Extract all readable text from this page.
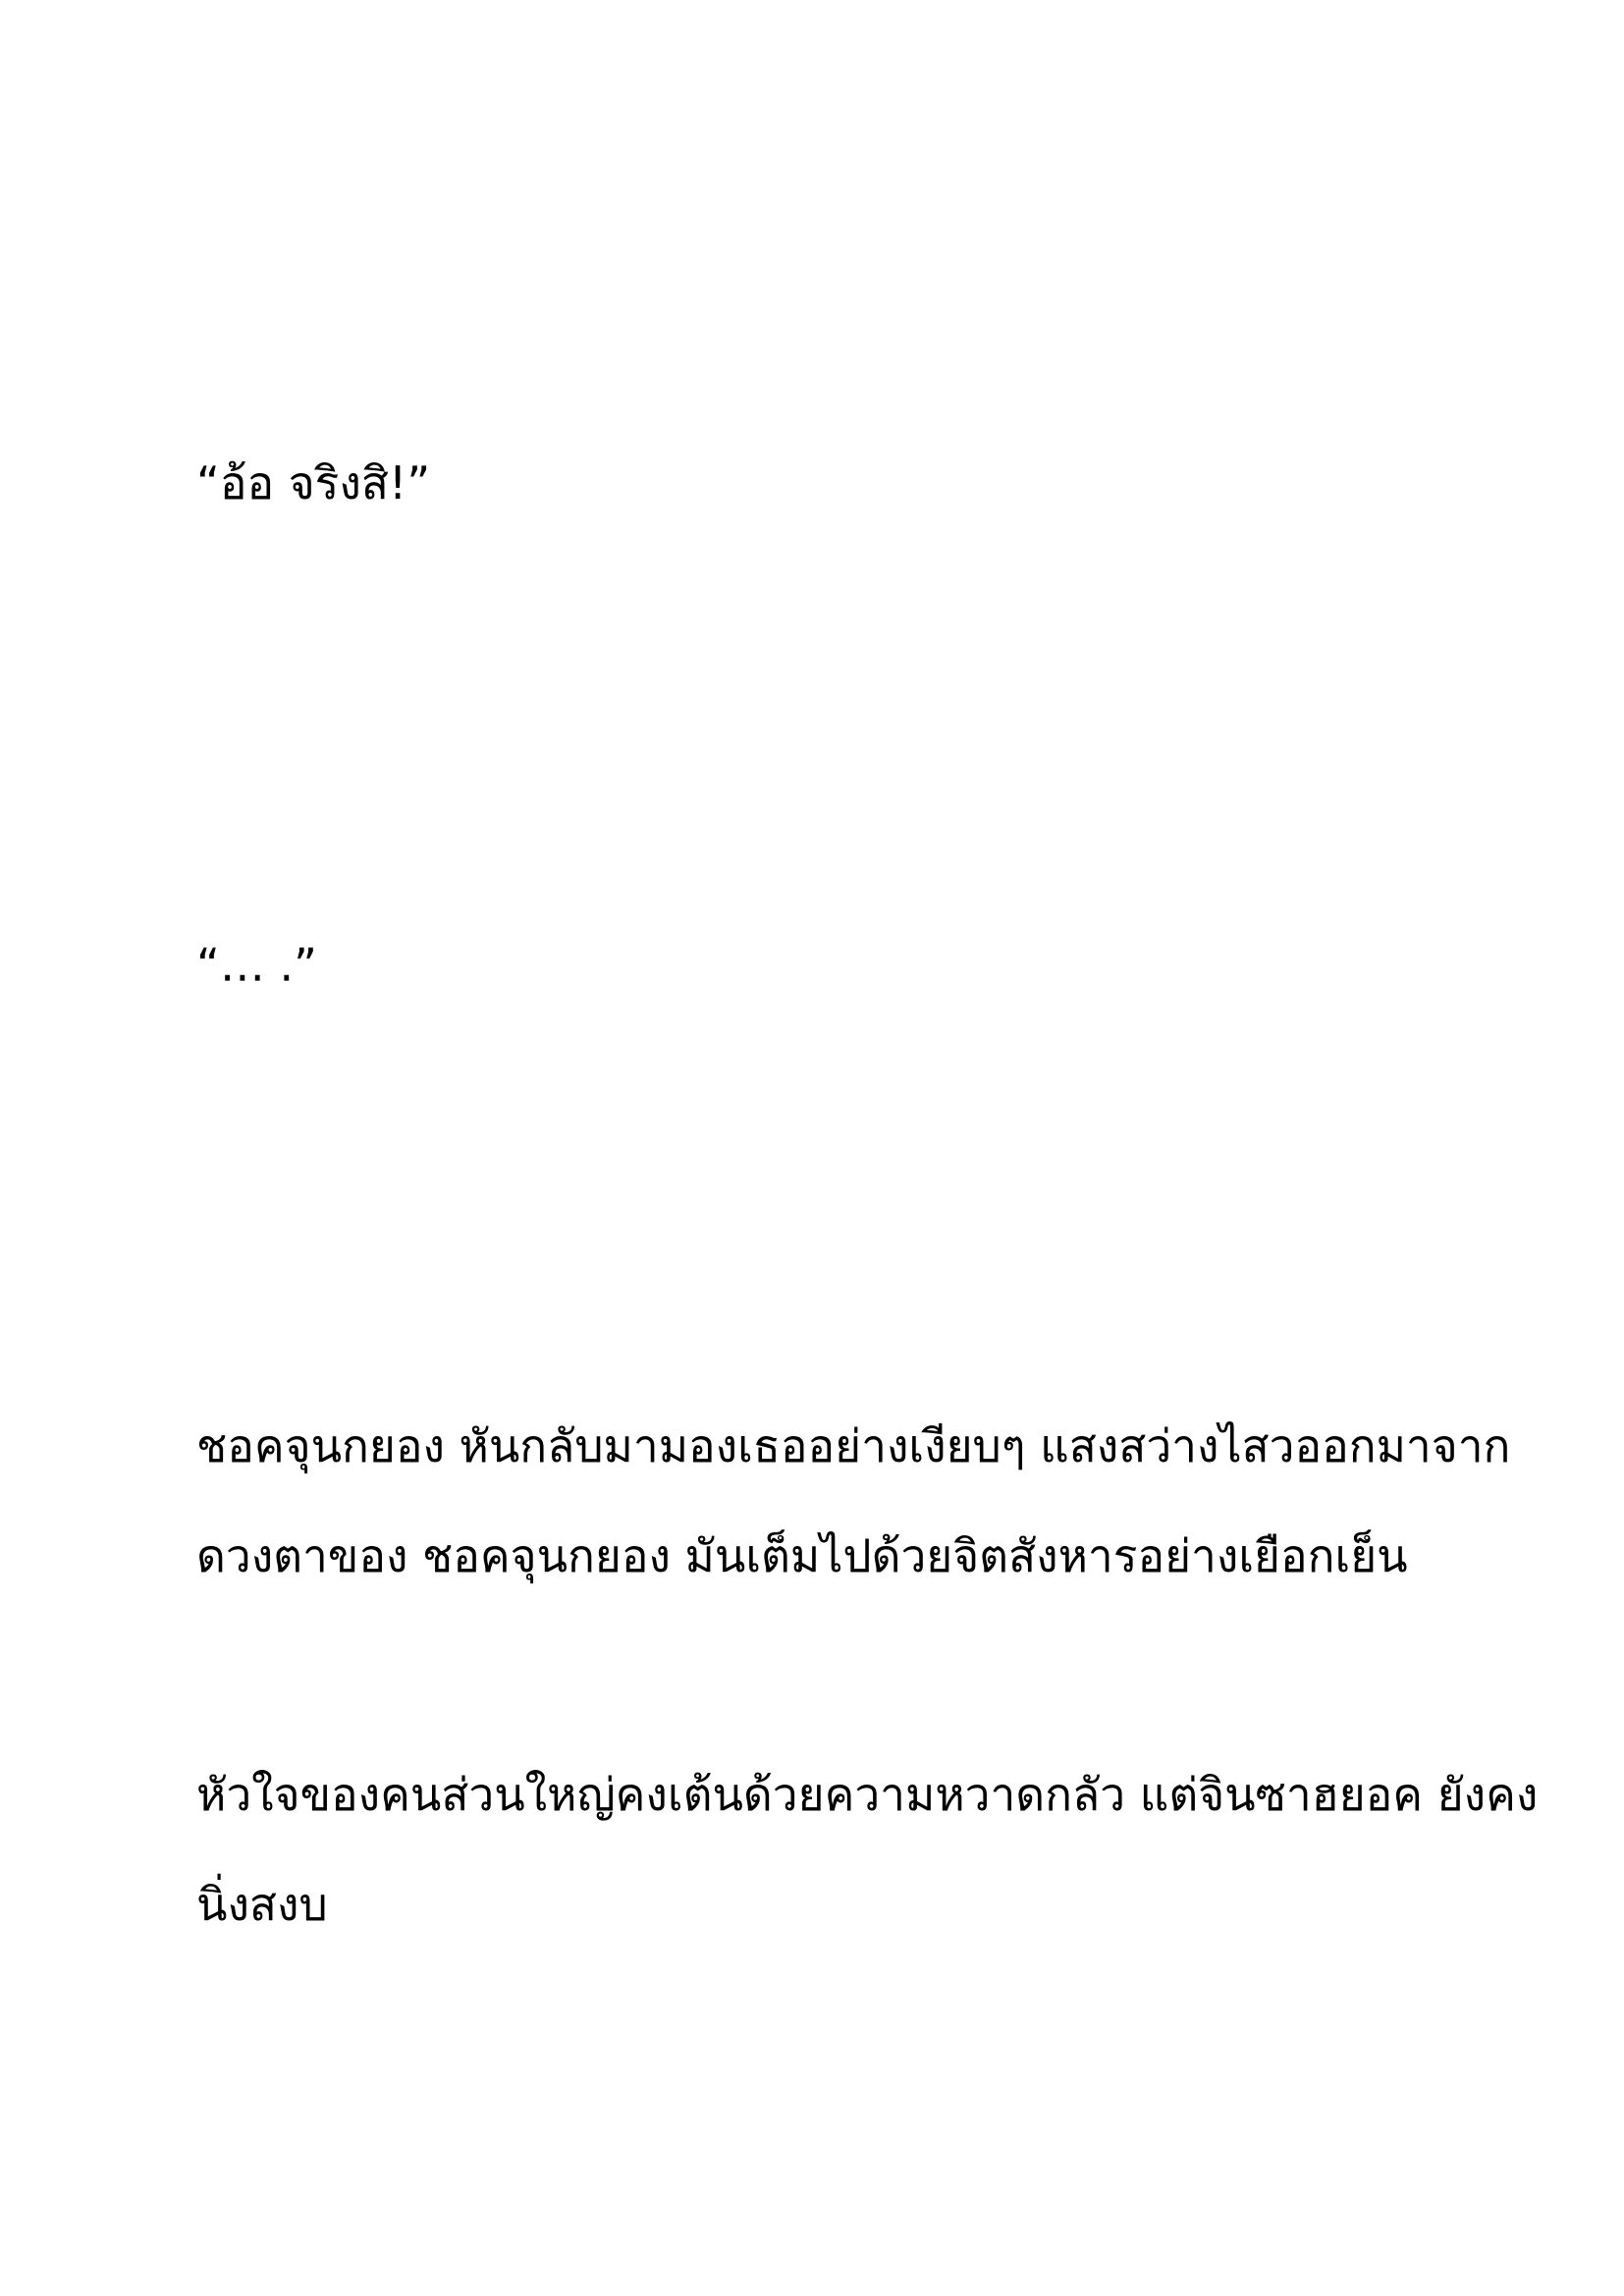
“อ้อ จริงสิ!”

“… .”

ชอคจุนกยอง หันกลับมามองเธออย่างเงียบๆ แสงสว่างไสวออกมาจาก
ดวงตาของ ชอคจุนกยอง มันเต็มไปด้วยจิตสังหารอย่างเยือกเย็น

หัวใจของคนส่วนใหญ่คงเต้นด้วยความหวาดกลัว แต่จินซาฮยอค ยังคง
นิ่งสงบ
